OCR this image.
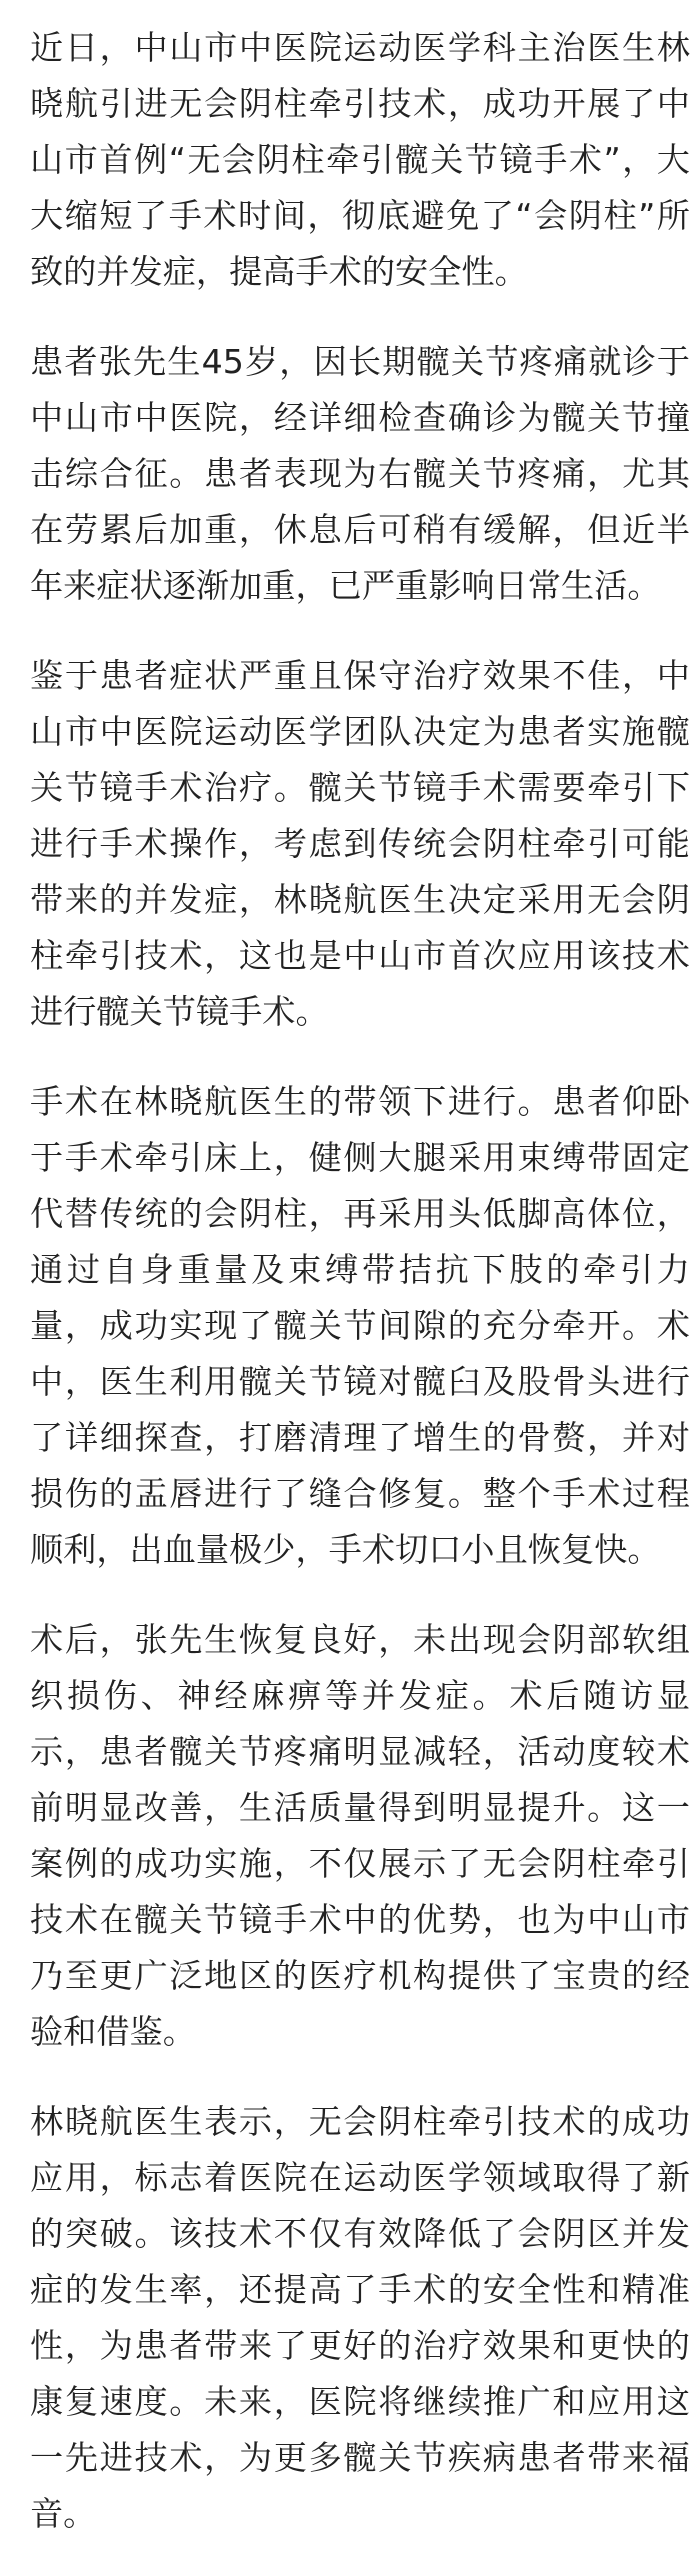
近日，中山市中医院运动医学科主治医生林晓航引进无会阴柱牵引技术，成功开展了中山市首例“无会阴柱牵引髋关节镜手术”，大大缩短了手术时间，彻底避免了“会阴柱”所致的并发症，提高手术的安全性。

患者张先生45岁，因长期髋关节疼痛就诊于中山市中医院，经详细检查确诊为髋关节撞击综合征。患者表现为右髋关节疼痛，尤其在劳累后加重，休息后可稍有缓解，但近半年来症状逐渐加重，已严重影响日常生活。

鉴于患者症状严重且保守治疗效果不佳，中山市中医院运动医学团队决定为患者实施髋关节镜手术治疗。髋关节镜手术需要牵引下进行手术操作，考虑到传统会阴柱牵引可能带来的并发症，林晓航医生决定采用无会阴柱牵引技术，这也是中山市首次应用该技术进行髋关节镜手术。

手术在林晓航医生的带领下进行。患者仰卧于手术牵引床上，健侧大腿采用束缚带固定代替传统的会阴柱，再采用头低脚高体位，通过自身重量及束缚带拮抗下肢的牵引力量，成功实现了髋关节间隙的充分牵开。术中，医生利用髋关节镜对髋臼及股骨头进行了详细探查，打磨清理了增生的骨赘，并对损伤的盂唇进行了缝合修复。整个手术过程顺利，出血量极少，手术切口小且恢复快。

术后，张先生恢复良好，未出现会阴部软组织损伤、神经麻痹等并发症。术后随访显示，患者髋关节疼痛明显减轻，活动度较术前明显改善，生活质量得到明显提升。这一案例的成功实施，不仅展示了无会阴柱牵引技术在髋关节镜手术中的优势，也为中山市乃至更广泛地区的医疗机构提供了宝贵的经验和借鉴。

林晓航医生表示，无会阴柱牵引技术的成功应用，标志着医院在运动医学领域取得了新的突破。该技术不仅有效降低了会阴区并发症的发生率，还提高了手术的安全性和精准性，为患者带来了更好的治疗效果和更快的康复速度。未来，医院将继续推广和应用这一先进技术，为更多髋关节疾病患者带来福音。
